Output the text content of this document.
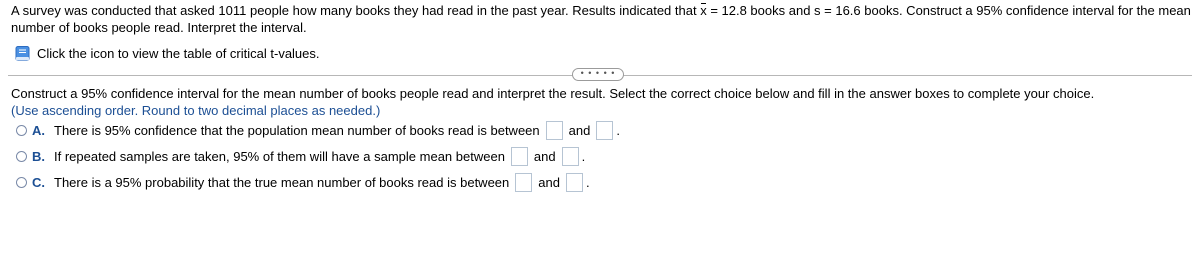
A survey was conducted that asked 1011 people how many books they had read in the past year. Results indicated that x = 12.8 books and s = 16.6 books. Construct a 95% confidence interval for the mean number of books people read. Interpret the interval.
Click the icon to view the table of critical t-values.
• • • • •
Construct a 95% confidence interval for the mean number of books people read and interpret the result. Select the correct choice below and fill in the answer boxes to complete your choice.
(Use ascending order. Round to two decimal places as needed.)
A. There is 95% confidence that the population mean number of books read is between and .
B. If repeated samples are taken, 95% of them will have a sample mean between and .
C. There is a 95% probability that the true mean number of books read is between and .
